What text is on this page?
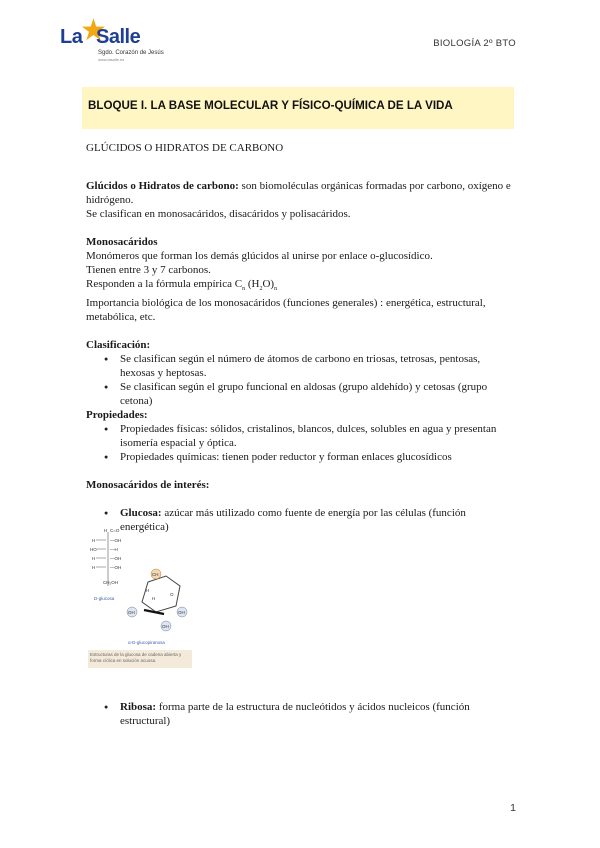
La
★
Salle
Sgdo. Corazón de Jesús
www.lasalle.es
BIOLOGÍA 2º BTO
BLOQUE I. LA BASE MOLECULAR Y FÍSICO-QUÍMICA DE LA VIDA

GLÚCIDOS O HIDRATOS DE CARBONO

Glúcidos o Hidratos de carbono: son biomoléculas orgánicas formadas por carbono, oxígeno e hidrógeno.

Se clasifican en monosacáridos, disacáridos y polisacáridos.

Monosacáridos

Monómeros que forman los demás glúcidos al unirse por enlace o-glucosídico.

Tienen entre 3 y 7 carbonos.

Responden a la fórmula empírica $C_n$ $(H_2O)_n$

Importancia biológica de los monosacáridos (funciones generales) : energética, estructural, metabólica, etc.

Clasificación:

● Se clasifican según el número de átomos de carbono en triosas, tetrosas, pentosas, hexosas y heptosas.
● Se clasifican según el grupo funcional en aldosas (grupo aldehído) y cetosas (grupo cetona)

Propiedades:

● Propiedades físicas: sólidos, cristalinos, blancos, dulces, solubles en agua y presentan isomería espacial y óptica.
● Propiedades químicas: tienen poder reductor y forman enlaces glucosídicos

Monosacáridos de interés:

● Glucosa: azúcar más utilizado como fuente de energía por las células (función energética)
H C=O
H	—OH
HO	—H
H	—OH
H	—OH
CH₂OH
D-glucosa
CH
OH	OH
OH
H
O
H
α-D-glucopiranosa
Estructuras de la glucosa de cadena abierta y forma cíclica en solución acuosa.
● Ribosa: forma parte de la estructura de nucleótidos y ácidos nucleicos (función estructural)
1
